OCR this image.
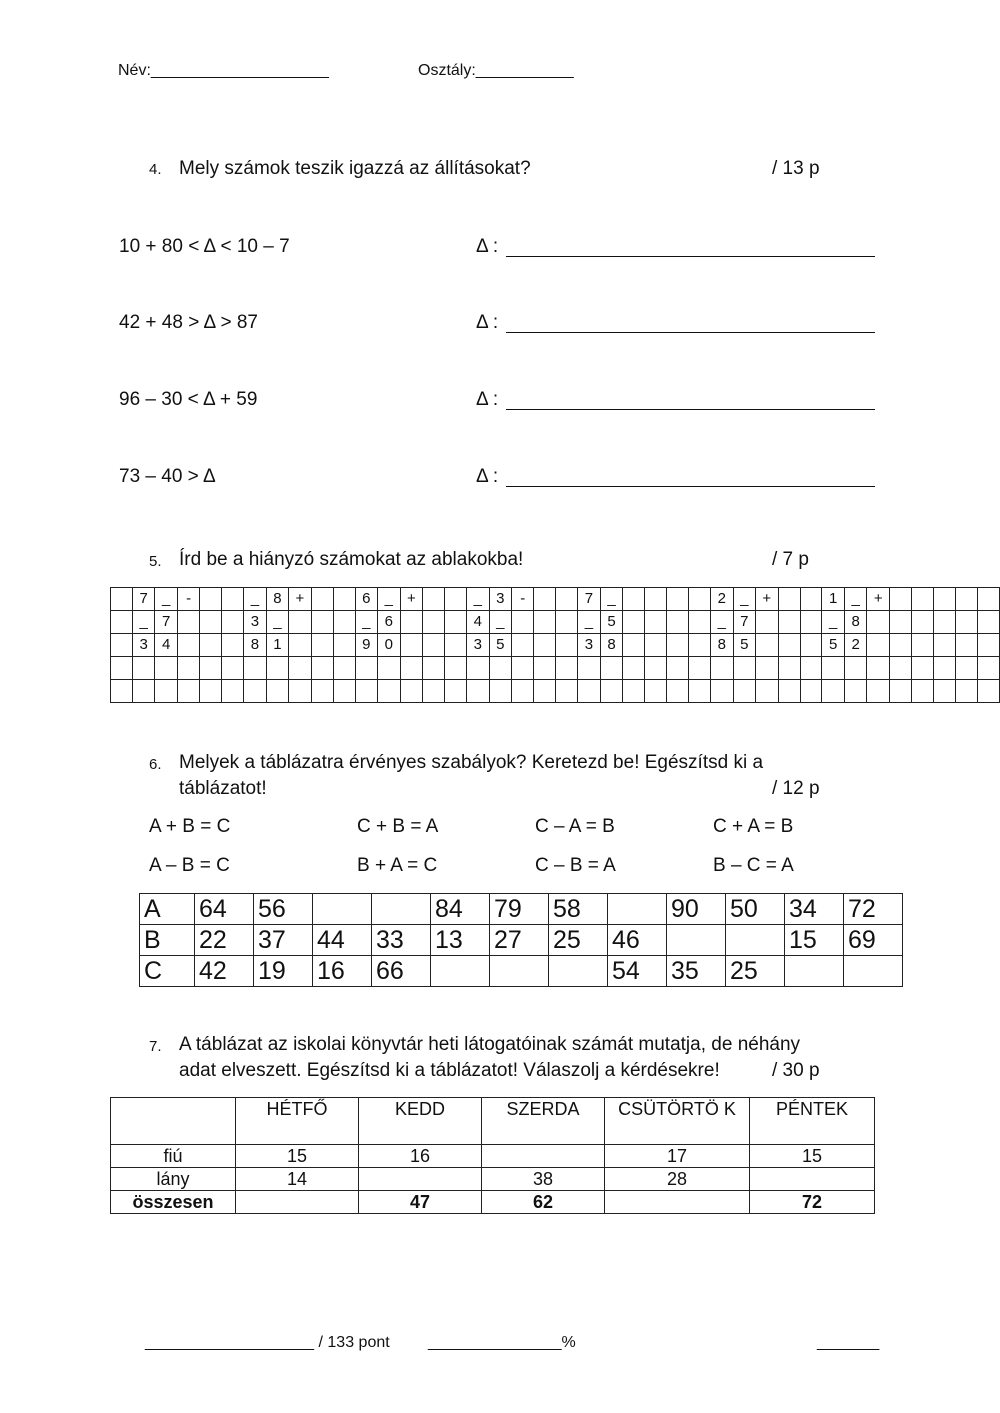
Név:____________________	Osztály:___________
4. Mely számok teszik igazzá az állításokat?	/ 13 p
10 + 80 < Δ < 10 – 7	Δ :
42 + 48 > Δ > 87	Δ :
96 – 30 < Δ + 59	Δ :
73 – 40 > Δ	Δ :
5. Írd be a hiányzó számokat az ablakokba!	/ 7 p
	7	_	-			_	8	+			6	_	+			_	3	-			7	_					2	_	+			1	_	+					
	_	7				3	_				_	6				4	_				_	5					_	7				_	8						
	3	4				8	1				9	0				3	5				3	8					8	5				5	2						

6. Melyek a táblázatra érvényes szabályok? Keretezd be! Egészítsd ki a
táblázatot!	/ 12 p
A + B = C	C + B = A	C – A = B	C + A = B
A – B = C	B + A = C	C – B = A	B – C = A
A	64	56			84	79	58		90	50	34	72
B	22	37	44	33	13	27	25	46			15	69
C	42	19	16	66				54	35	25		
7. A táblázat az iskolai könyvtár heti látogatóinak számát mutatja, de néhány
adat elveszett. Egészítsd ki a táblázatot! Válaszolj a kérdésekre!	/ 30 p
	HÉTFŐ	KEDD	SZERDA	CSÜTÖRTÖ K	PÉNTEK
fiú	15	16		17	15
lány	14		38	28	
összesen		47	62		72
___________________ / 133 pont _______________%	_______
